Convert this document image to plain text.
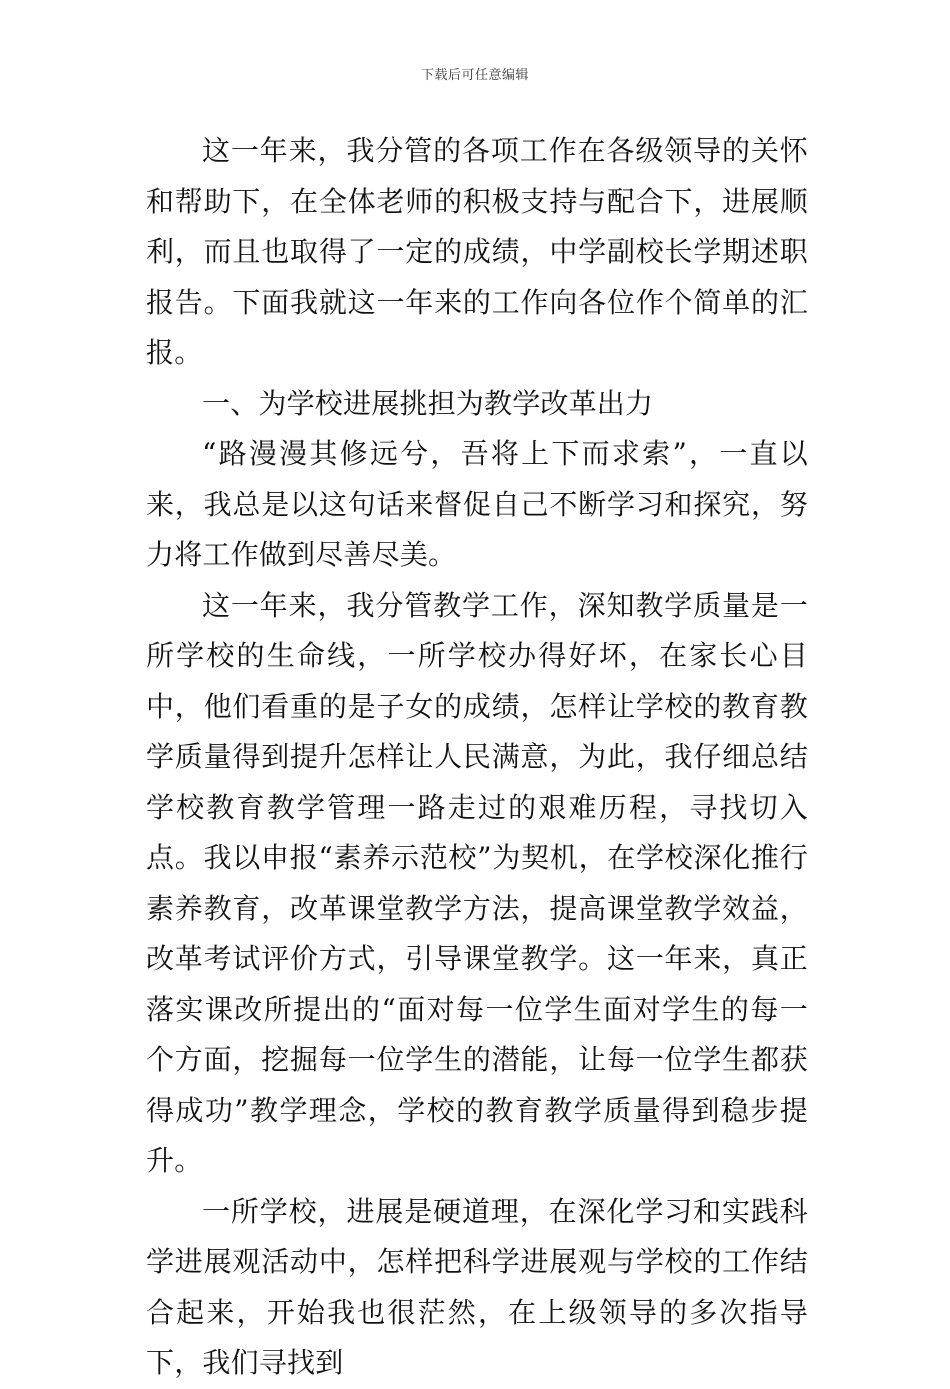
下载后可任意编辑

这一年来，我分管的各项工作在各级领导的关怀和帮助下，在全体老师的积极支持与配合下，进展顺利，而且也取得了一定的成绩，中学副校长学期述职报告。下面我就这一年来的工作向各位作个简单的汇报。

一、为学校进展挑担为教学改革出力

“路漫漫其修远兮，吾将上下而求索”，一直以来，我总是以这句话来督促自己不断学习和探究，努力将工作做到尽善尽美。

这一年来，我分管教学工作，深知教学质量是一所学校的生命线，一所学校办得好坏，在家长心目中，他们看重的是子女的成绩，怎样让学校的教育教学质量得到提升怎样让人民满意，为此，我仔细总结学校教育教学管理一路走过的艰难历程，寻找切入点。我以申报“素养示范校”为契机，在学校深化推行素养教育，改革课堂教学方法，提高课堂教学效益，改革考试评价方式，引导课堂教学。这一年来，真正落实课改所提出的“面对每一位学生面对学生的每一个方面，挖掘每一位学生的潜能，让每一位学生都获得成功”教学理念，学校的教育教学质量得到稳步提升。

一所学校，进展是硬道理，在深化学习和实践科学进展观活动中，怎样把科学进展观与学校的工作结合起来，开始我也很茫然，在上级领导的多次指导下，我们寻找到
